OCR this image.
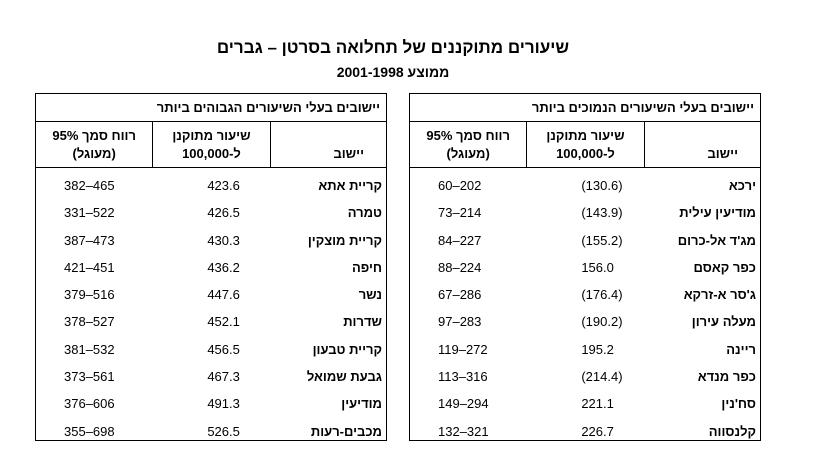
שיעורים מתוקננים של תחלואה בסרטן – גברים
ממוצע 2001-1998
יישובים בעלי השיעורים הנמוכים ביותר
יישוב
שיעור מתוקנן
ל-100,000
רווח סמך 95%
(מעוגל)
ירכא
(130.6)
60–202
מודיעין עילית
(143.9)
73–214
מג'ד אל-כרום
(155.2)
84–227
כפר קאסם
156.0
88–224
ג'סר א-זרקא
(176.4)
67–286
מעלה עירון
(190.2)
97–283
ריינה
195.2
119–272
כפר מנדא
(214.4)
113–316
סח'נין
221.1
149–294
קלנסווה
226.7
132–321
יישובים בעלי השיעורים הגבוהים ביותר
יישוב
שיעור מתוקנן
ל-100,000
רווח סמך 95%
(מעוגל)
קריית אתא
423.6
382–465
טמרה
426.5
331–522
קריית מוצקין
430.3
387–473
חיפה
436.2
421–451
נשר
447.6
379–516
שדרות
452.1
378–527
קריית טבעון
456.5
381–532
גבעת שמואל
467.3
373–561
מודיעין
491.3
376–606
מכבים-רעות
526.5
355–698
